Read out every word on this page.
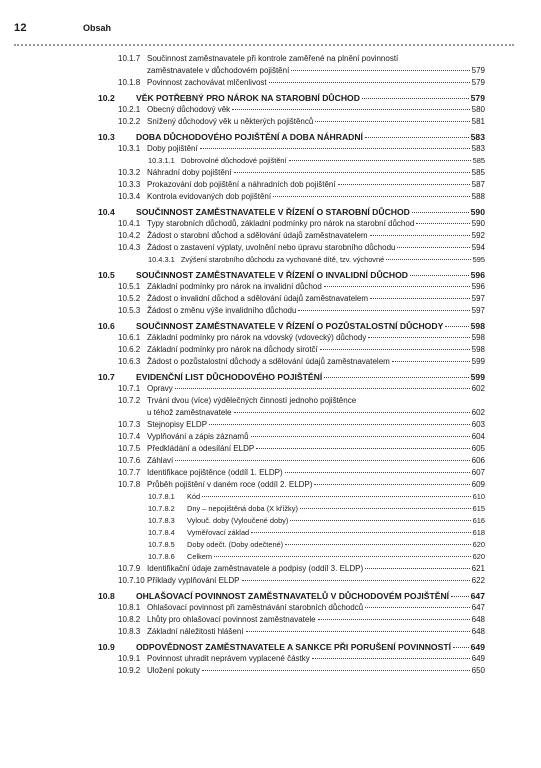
12	Obsah
10.1.7 Součinnost zaměstnavatele při kontrole zaměřené na plnění povinností
zaměstnavatele v důchodovém pojištění	579
10.1.8 Povinnost zachovávat mlčenlivost	579
10.2 VĚK POTŘEBNÝ PRO NÁROK NA STAROBNÍ DŮCHOD	579
10.2.1 Obecný důchodový věk	580
10.2.2 Snížený důchodový věk u některých pojištěnců	581
10.3 DOBA DŮCHODOVÉHO POJIŠTĚNÍ A DOBA NÁHRADNÍ	583
10.3.1 Doby pojištění	583
10.3.1.1 Dobrovolné důchodové pojištění	585
10.3.2 Náhradní doby pojištění	585
10.3.3 Prokazování dob pojištění a náhradních dob pojištění	587
10.3.4 Kontrola evidovaných dob pojištění	588
10.4 SOUČINNOST ZAMĚSTNAVATELE V ŘÍZENÍ O STAROBNÍ DŮCHOD	590
10.4.1 Typy starobních důchodů, základní podmínky pro nárok na starobní důchod	590
10.4.2 Žádost o starobní důchod a sdělování údajů zaměstnavatelem	592
10.4.3 Žádost o zastavení výplaty, uvolnění nebo úpravu starobního důchodu	594
10.4.3.1 Zvýšení starobního důchodu za vychované dítě, tzv. výchovné	595
10.5 SOUČINNOST ZAMĚSTNAVATELE V ŘÍZENÍ O INVALIDNÍ DŮCHOD	596
10.5.1 Základní podmínky pro nárok na invalidní důchod	596
10.5.2 Žádost o invalidní důchod a sdělování údajů zaměstnavatelem	597
10.5.3 Žádost o změnu výše invalidního důchodu	597
10.6 SOUČINNOST ZAMĚSTNAVATELE V ŘÍZENÍ O POZŮSTALOSTNÍ DŮCHODY	598
10.6.1 Základní podmínky pro nárok na vdovský (vdovecký) důchody	598
10.6.2 Základní podmínky pro nárok na důchody sirotčí	598
10.6.3 Žádost o pozůstalostní důchody a sdělování údajů zaměstnavatelem	599
10.7 EVIDENČNÍ LIST DŮCHODOVÉHO POJIŠTĚNÍ	599
10.7.1 Opravy	602
10.7.2 Trvání dvou (více) výdělečných činností jednoho pojištěnce
u téhož zaměstnavatele	602
10.7.3 Stejnopisy ELDP	603
10.7.4 Vyplňování a zápis záznamů	604
10.7.5 Předkládání a odesílání ELDP	605
10.7.6 Záhlaví	606
10.7.7 Identifikace pojištěnce (oddíl 1. ELDP)	607
10.7.8 Průběh pojištění v daném roce (oddíl 2. ELDP)	609
10.7.8.1 Kód	610
10.7.8.2 Dny – nepojištěná doba (X křížky)	615
10.7.8.3 Vylouč. doby (Vyloučené doby)	616
10.7.8.4 Vyměřovací základ	618
10.7.8.5 Doby odečt. (Doby odečtené)	620
10.7.8.6 Celkem	620
10.7.9 Identifikační údaje zaměstnavatele a podpisy (oddíl 3. ELDP)	621
10.7.10 Příklady vyplňování ELDP	622
10.8 OHLAŠOVACÍ POVINNOST ZAMĚSTNAVATELŮ V DŮCHODOVÉM POJIŠTĚNÍ	647
10.8.1 Ohlašovací povinnost při zaměstnávání starobních důchodců	647
10.8.2 Lhůty pro ohlašovací povinnost zaměstnavatele	648
10.8.3 Základní náležitosti hlášení	648
10.9 ODPOVĚDNOST ZAMĚSTNAVATELE A SANKCE PŘI PORUŠENÍ POVINNOSTÍ 649
10.9.1 Povinnost uhradit neprávem vyplacené částky	649
10.9.2 Uložení pokuty	650
